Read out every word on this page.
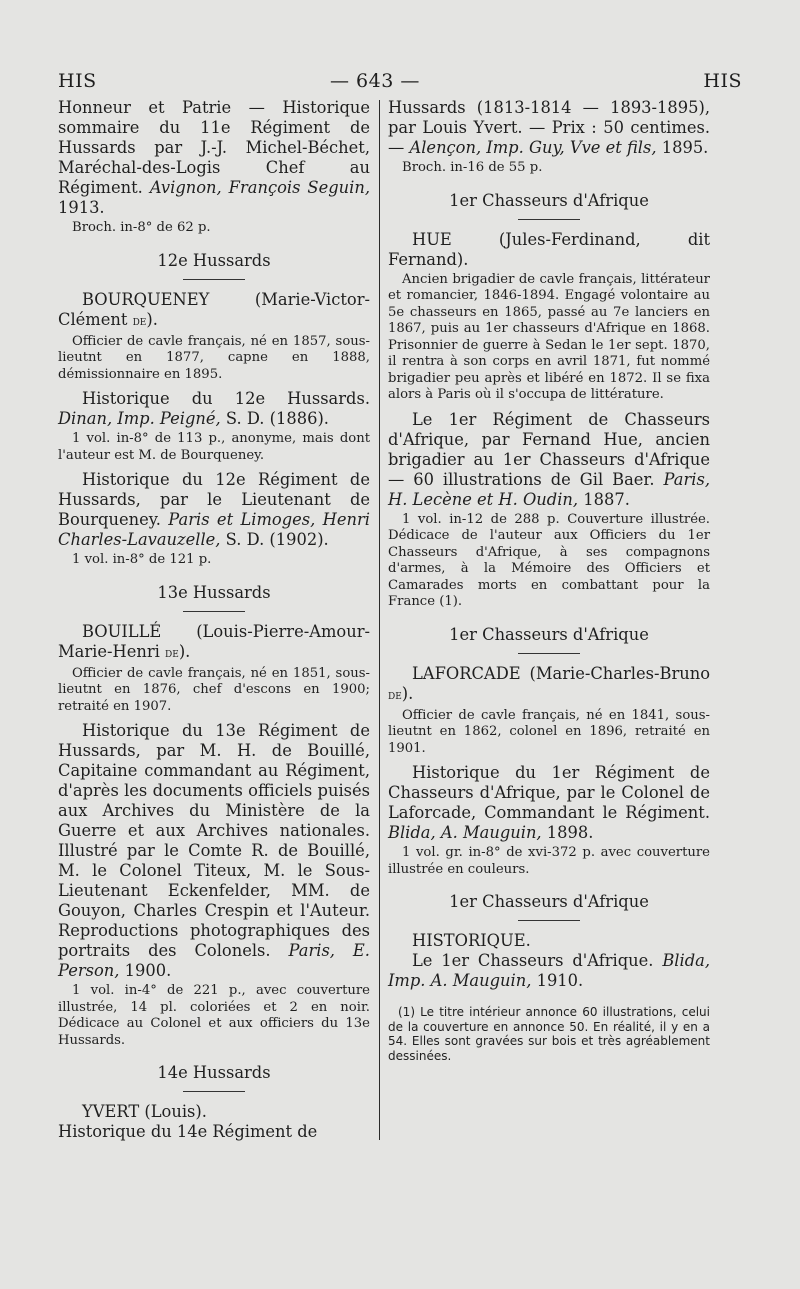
HIS	— 643 —	HIS

Honneur et Patrie — Historique sommaire du 11e Régiment de Hussards par J.-J. Michel-Béchet, Maréchal-des-Logis Chef au Régiment. Avignon, François Seguin, 1913.

Broch. in-8° de 62 p.

12e Hussards

BOURQUENEY (Marie-Victor-Clément de).

Officier de cavle français, né en 1857, sous-lieutnt en 1877, capne en 1888, démissionnaire en 1895.

Historique du 12e Hussards. Dinan, Imp. Peigné, S. D. (1886).

1 vol. in-8° de 113 p., anonyme, mais dont l'auteur est M. de Bourqueney.

Historique du 12e Régiment de Hussards, par le Lieutenant de Bourqueney. Paris et Limoges, Henri Charles-Lavauzelle, S. D. (1902).

1 vol. in-8° de 121 p.

13e Hussards

BOUILLÉ (Louis-Pierre-Amour-Marie-Henri de).

Officier de cavle français, né en 1851, sous-lieutnt en 1876, chef d'escons en 1900; retraité en 1907.

Historique du 13e Régiment de Hussards, par M. H. de Bouillé, Capitaine commandant au Régiment, d'après les documents officiels puisés aux Archives du Ministère de la Guerre et aux Archives nationales. Illustré par le Comte R. de Bouillé, M. le Colonel Titeux, M. le Sous-Lieutenant Eckenfelder, MM. de Gouyon, Charles Crespin et l'Auteur. Reproductions photographiques des portraits des Colonels. Paris, E. Person, 1900.

1 vol. in-4° de 221 p., avec couverture illustrée, 14 pl. coloriées et 2 en noir. Dédicace au Colonel et aux officiers du 13e Hussards.

14e Hussards

YVERT (Louis).

Historique du 14e Régiment de

Hussards (1813-1814 — 1893-1895), par Louis Yvert. — Prix : 50 centimes. — Alençon, Imp. Guy, Vve et fils, 1895.

Broch. in-16 de 55 p.

1er Chasseurs d'Afrique

HUE (Jules-Ferdinand, dit Fernand).

Ancien brigadier de cavle français, littérateur et romancier, 1846-1894. Engagé volontaire au 5e chasseurs en 1865, passé au 7e lanciers en 1867, puis au 1er chasseurs d'Afrique en 1868. Prisonnier de guerre à Sedan le 1er sept. 1870, il rentra à son corps en avril 1871, fut nommé brigadier peu après et libéré en 1872. Il se fixa alors à Paris où il s'occupa de littérature.

Le 1er Régiment de Chasseurs d'Afrique, par Fernand Hue, ancien brigadier au 1er Chasseurs d'Afrique — 60 illustrations de Gil Baer. Paris, H. Lecène et H. Oudin, 1887.

1 vol. in-12 de 288 p. Couverture illustrée. Dédicace de l'auteur aux Officiers du 1er Chasseurs d'Afrique, à ses compagnons d'armes, à la Mémoire des Officiers et Camarades morts en combattant pour la France (1).

1er Chasseurs d'Afrique

LAFORCADE (Marie-Charles-Bruno de).

Officier de cavle français, né en 1841, sous-lieutnt en 1862, colonel en 1896, retraité en 1901.

Historique du 1er Régiment de Chasseurs d'Afrique, par le Colonel de Laforcade, Commandant le Régiment. Blida, A. Mauguin, 1898.

1 vol. gr. in-8° de xvi-372 p. avec couverture illustrée en couleurs.

1er Chasseurs d'Afrique

HISTORIQUE.

Le 1er Chasseurs d'Afrique. Blida, Imp. A. Mauguin, 1910.

(1) Le titre intérieur annonce 60 illustrations, celui de la couverture en annonce 50. En réalité, il y en a 54. Elles sont gravées sur bois et très agréablement dessinées.
